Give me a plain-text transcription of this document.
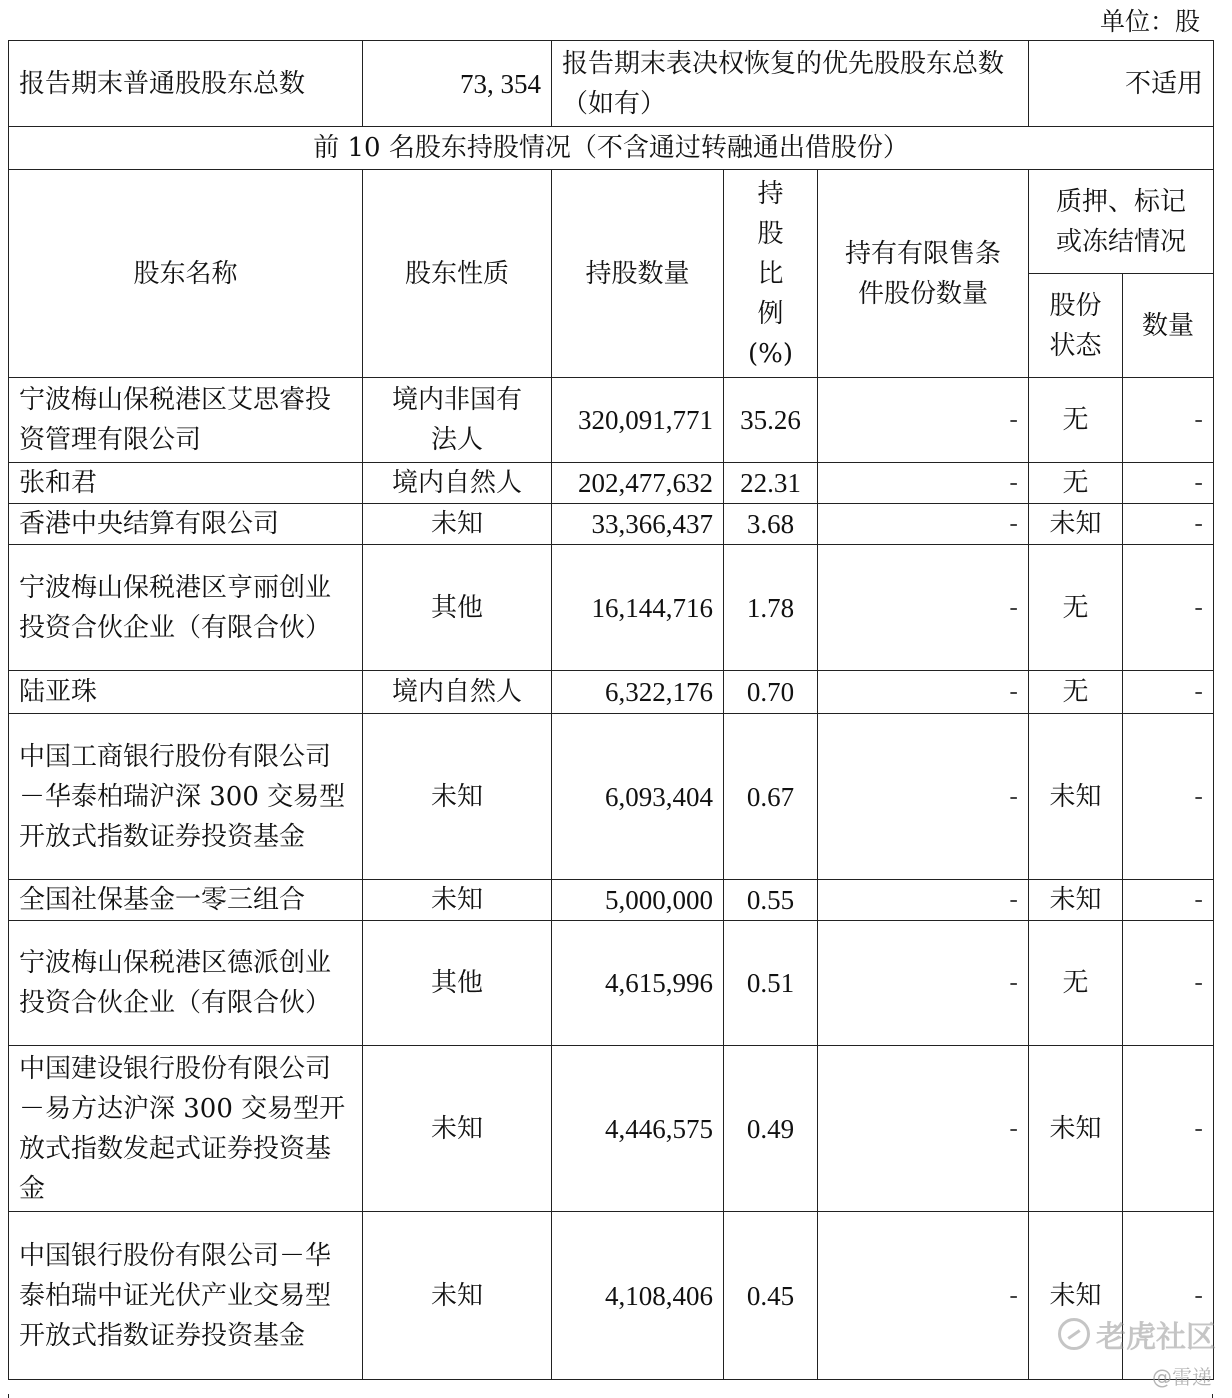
单位：股
报告期末普通股股东总数	73, 354	报告期末表决权恢复的优先股股东总数（如有）			不适用	
前 10 名股东持股情况（不含通过转融通出借股份）						
股东名称	股东性质	持股数量	持股比例(%)	持有有限售条件股份数量	质押、标记或冻结情况	
					股份状态	数量
宁波梅山保税港区艾思睿投资管理有限公司	境内非国有法人	320,091,771	35.26	-	无	-
张和君	境内自然人	202,477,632	22.31	-	无	-
香港中央结算有限公司	未知	33,366,437	3.68	-	未知	-
宁波梅山保税港区亨丽创业投资合伙企业（有限合伙）	其他	16,144,716	1.78	-	无	-
陆亚珠	境内自然人	6,322,176	0.70	-	无	-
中国工商银行股份有限公司－华泰柏瑞沪深 300 交易型开放式指数证券投资基金	未知	6,093,404	0.67	-	未知	-
全国社保基金一零三组合	未知	5,000,000	0.55	-	未知	-
宁波梅山保税港区德派创业投资合伙企业（有限合伙）	其他	4,615,996	0.51	-	无	-
中国建设银行股份有限公司－易方达沪深 300 交易型开放式指数发起式证券投资基金	未知	4,446,575	0.49	-	未知	-
中国银行股份有限公司－华泰柏瑞中证光伏产业交易型开放式指数证券投资基金	未知	4,108,406	0.45	-	未知	-
老虎社区
@雷递
